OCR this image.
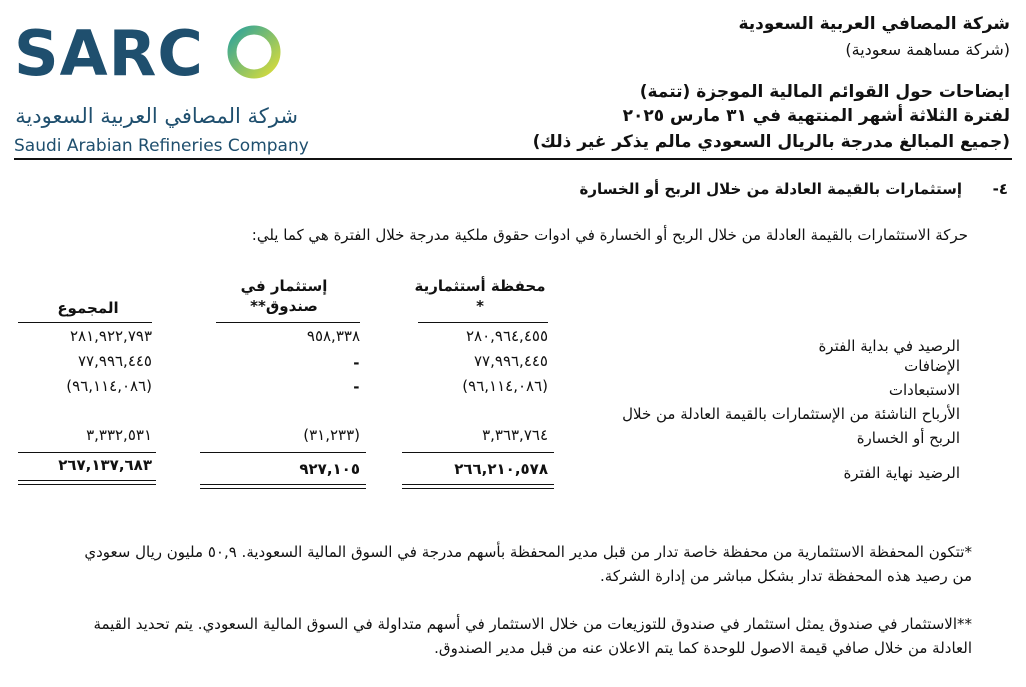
SARC
شركة المصافي العربية السعودية
Saudi Arabian Refineries Company
شركة المصافي العربية السعودية
(شركة مساهمة سعودية)
ايضاحات حول القوائم المالية الموجزة (تتمة)
لفترة الثلاثة أشهر المنتهية في ٣١ مارس ٢٠٢٥
(جميع المبالغ مدرجة بالريال السعودي مالم يذكر غير ذلك)
٤-
إستثمارات بالقيمة العادلة من خلال الربح أو الخسارة
حركة الاستثمارات بالقيمة العادلة من خلال الربح أو الخسارة في ادوات حقوق ملكية مدرجة خلال الفترة هي كما يلي:
محفظة أستثمارية
*
إستثمار في
صندوق**
المجموع
الرصيد في بداية الفترة
٢٨٠,٩٦٤,٤٥٥
٩٥٨,٣٣٨
٢٨١,٩٢٢,٧٩٣
الإضافات
٧٧,٩٩٦,٤٤٥
-
٧٧,٩٩٦,٤٤٥
الاستبعادات
(٩٦,١١٤,٠٨٦)
-
(٩٦,١١٤,٠٨٦)
الأرباح الناشئة من الإستثمارات بالقيمة العادلة من خلال
الربح أو الخسارة
٣,٣٦٣,٧٦٤
(٣١,٢٣٣)
٣,٣٣٢,٥٣١
الرضيد نهاية الفترة
٢٦٦,٢١٠,٥٧٨
٩٢٧,١٠٥
٢٦٧,١٣٧,٦٨٣
*تتكون المحفظة الاستثمارية من محفظة خاصة تدار من قبل مدير المحفظة بأسهم مدرجة في السوق المالية السعودية. ٥٠,٩ مليون ريال سعودي
من رصيد هذه المحفظة تدار بشكل مباشر من إدارة الشركة.
**الاستثمار في صندوق يمثل استثمار في صندوق للتوزيعات من خلال الاستثمار في أسهم متداولة في السوق المالية السعودي. يتم تحديد القيمة
العادلة من خلال صافي قيمة الاصول للوحدة كما يتم الاعلان عنه من قبل مدير الصندوق.
